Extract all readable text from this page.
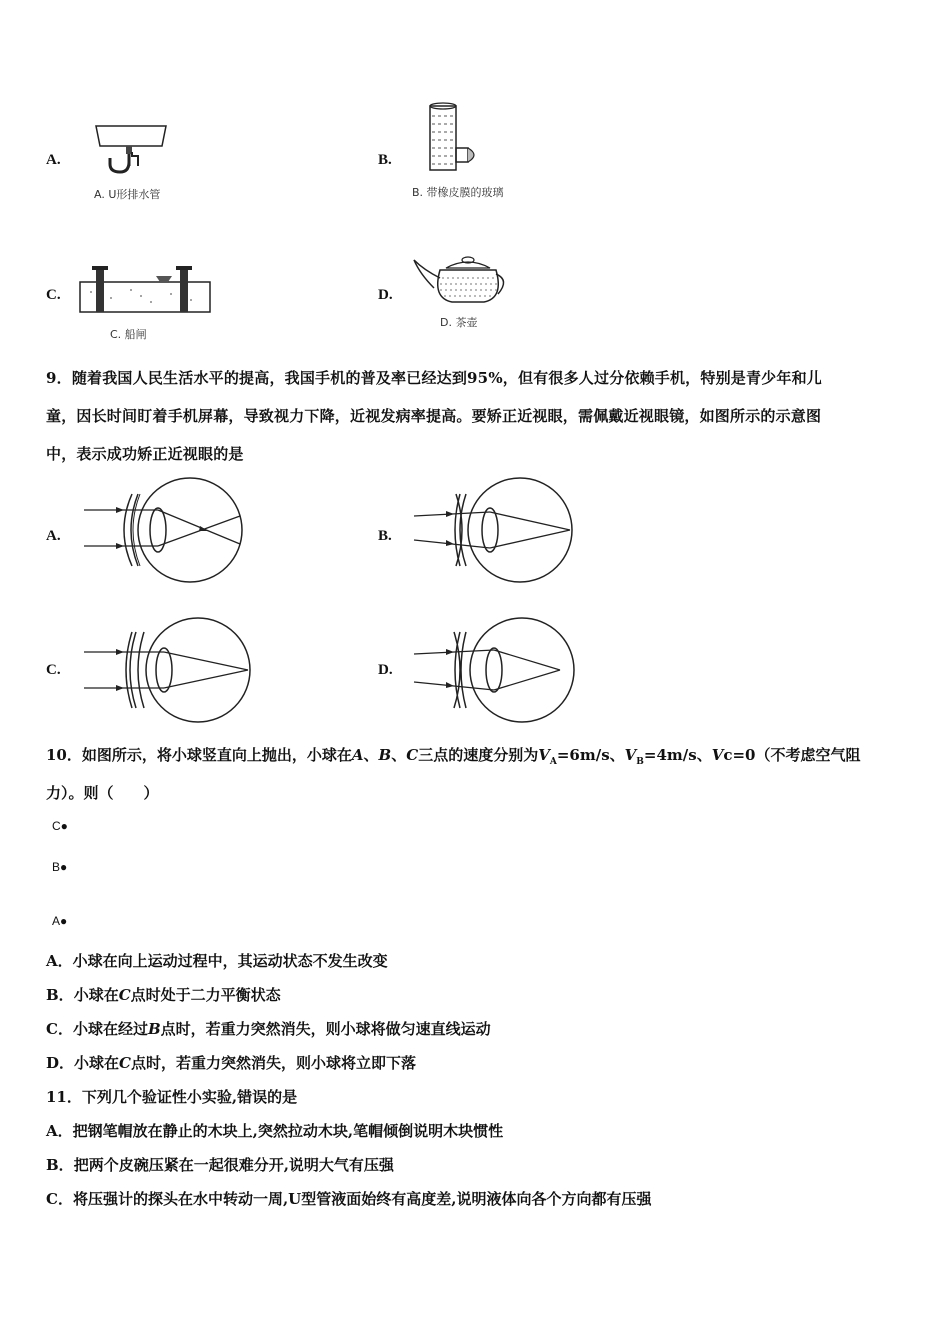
A.
A. U形排水管
B.
B. 带橡皮膜的玻璃
C.
C. 船闸
D.
D. 茶壶
9．随着我国人民生活水平的提高，我国手机的普及率已经达到95%，但有很多人过分依赖手机，特别是青少年和儿
童，因长时间盯着手机屏幕，导致视力下降，近视发病率提高。要矫正近视眼，需佩戴近视眼镜，如图所示的示意图
中，表示成功矫正近视眼的是
A.	B.
C.	D.
10．如图所示，将小球竖直向上抛出，小球在A、B、C三点的速度分别为$V_A=6m/s$、$V_B=4m/s$、Vc=0（不考虑空气阻
力）。则（　　）
C●
B●
A●
A．小球在向上运动过程中，其运动状态不发生改变
B．小球在C点时处于二力平衡状态
C．小球在经过B点时，若重力突然消失，则小球将做匀速直线运动
D．小球在C点时，若重力突然消失，则小球将立即下落
11．下列几个验证性小实验,错误的是
A．把钢笔帽放在静止的木块上,突然拉动木块,笔帽倾倒说明木块惯性
B．把两个皮碗压紧在一起很难分开,说明大气有压强
C．将压强计的探头在水中转动一周,U型管液面始终有高度差,说明液体向各个方向都有压强
